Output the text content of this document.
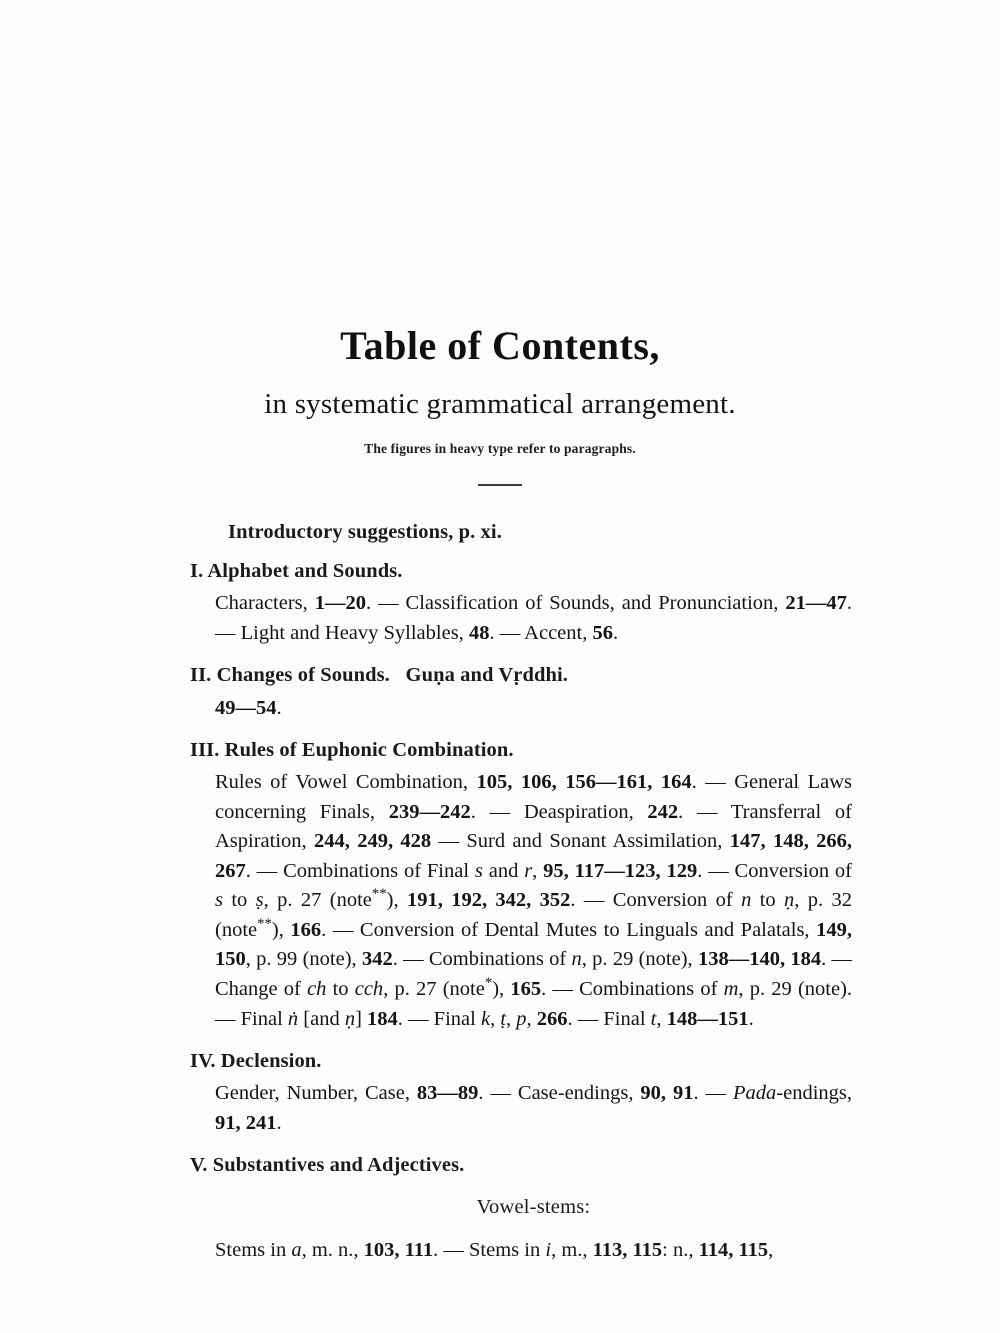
Table of Contents,
in systematic grammatical arrangement.

The figures in heavy type refer to paragraphs.

Introductory suggestions, p. xi.

I. Alphabet and Sounds.

Characters, 1—20. — Classification of Sounds, and Pronunciation, 21—47. — Light and Heavy Syllables, 48. — Accent, 56.

II. Changes of Sounds.   Guṇa and Vṛddhi.

49—54.

III. Rules of Euphonic Combination.

Rules of Vowel Combination, 105, 106, 156—161, 164. — General Laws concerning Finals, 239—242. — Deaspiration, 242. — Transferral of Aspiration, 244, 249, 428 — Surd and Sonant Assimilation, 147, 148, 266, 267. — Combinations of Final s and r, 95, 117—123, 129. — Conversion of s to ṣ, p. 27 (note**), 191, 192, 342, 352. — Conversion of n to ṇ, p. 32 (note**), 166. — Conversion of Dental Mutes to Linguals and Palatals, 149, 150, p. 99 (note), 342. — Combinations of n, p. 29 (note), 138—140, 184. — Change of ch to cch, p. 27 (note*), 165. — Combinations of m, p. 29 (note). — Final ṅ [and ṇ] 184. — Final k, ṭ, p, 266. — Final t, 148—151.

IV. Declension.

Gender, Number, Case, 83—89. — Case-endings, 90, 91. — Pada-endings, 91, 241.

V. Substantives and Adjectives.

Vowel-stems:

Stems in a, m. n., 103, 111. — Stems in i, m., 113, 115: n., 114, 115,
